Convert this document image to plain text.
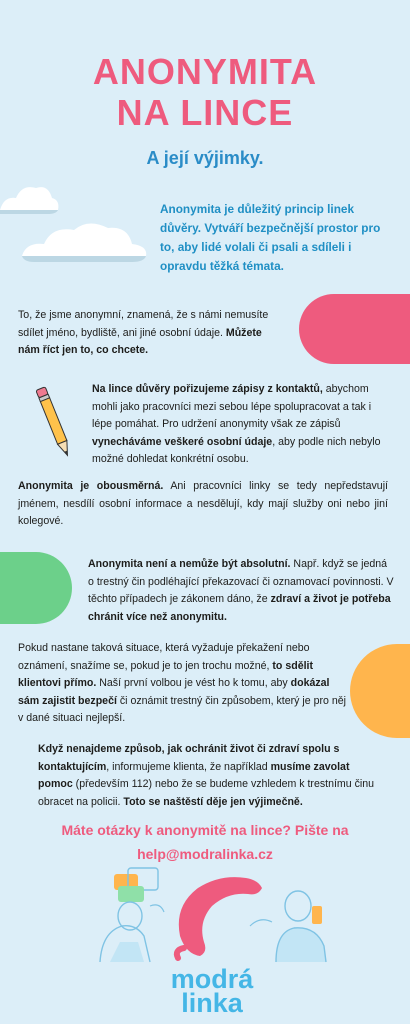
ANONYMITA
NA LINCE
A její výjimky.
Anonymita je důležitý princip linek důvěry. Vytváří bezpečnější prostor pro to, aby lidé volali či psali a sdíleli i opravdu těžká témata.
To, že jsme anonymní, znamená, že s námi nemusíte sdílet jméno, bydliště, ani jiné osobní údaje. Můžete nám říct jen to, co chcete.
Na lince důvěry pořizujeme zápisy z kontaktů, abychom mohli jako pracovníci mezi sebou lépe spolupracovat a tak i lépe pomáhat. Pro udržení anonymity však ze zápisů vynecháváme veškeré osobní údaje, aby podle nich nebylo možné dohledat konkrétní osobu.
Anonymita je obousměrná. Ani pracovníci linky se tedy nepředstavují jménem, nesdílí osobní informace a nesdělují, kdy mají služby oni nebo jiní kolegové.
Anonymita není a nemůže být absolutní. Např. když se jedná o trestný čin podléhající překazovací či oznamovací povinnosti. V těchto případech je zákonem dáno, že zdraví a život je potřeba chránit více než anonymitu.
Pokud nastane taková situace, která vyžaduje překažení nebo oznámení, snažíme se, pokud je to jen trochu možné, to sdělit klientovi přímo. Naší první volbou je vést ho k tomu, aby dokázal sám zajistit bezpečí či oznámit trestný čin způsobem, který je pro něj v dané situaci nejlepší.
Když nenajdeme způsob, jak ochránit život či zdraví spolu s kontaktujícím, informujeme klienta, že například musíme zavolat pomoc (především 112) nebo že se budeme vzhledem k trestnímu činu obracet na policii. Toto se naštěstí děje jen výjimečně.
Máte otázky k anonymitě na lince? Pište na
help@modralinka.cz
modrá
linka
